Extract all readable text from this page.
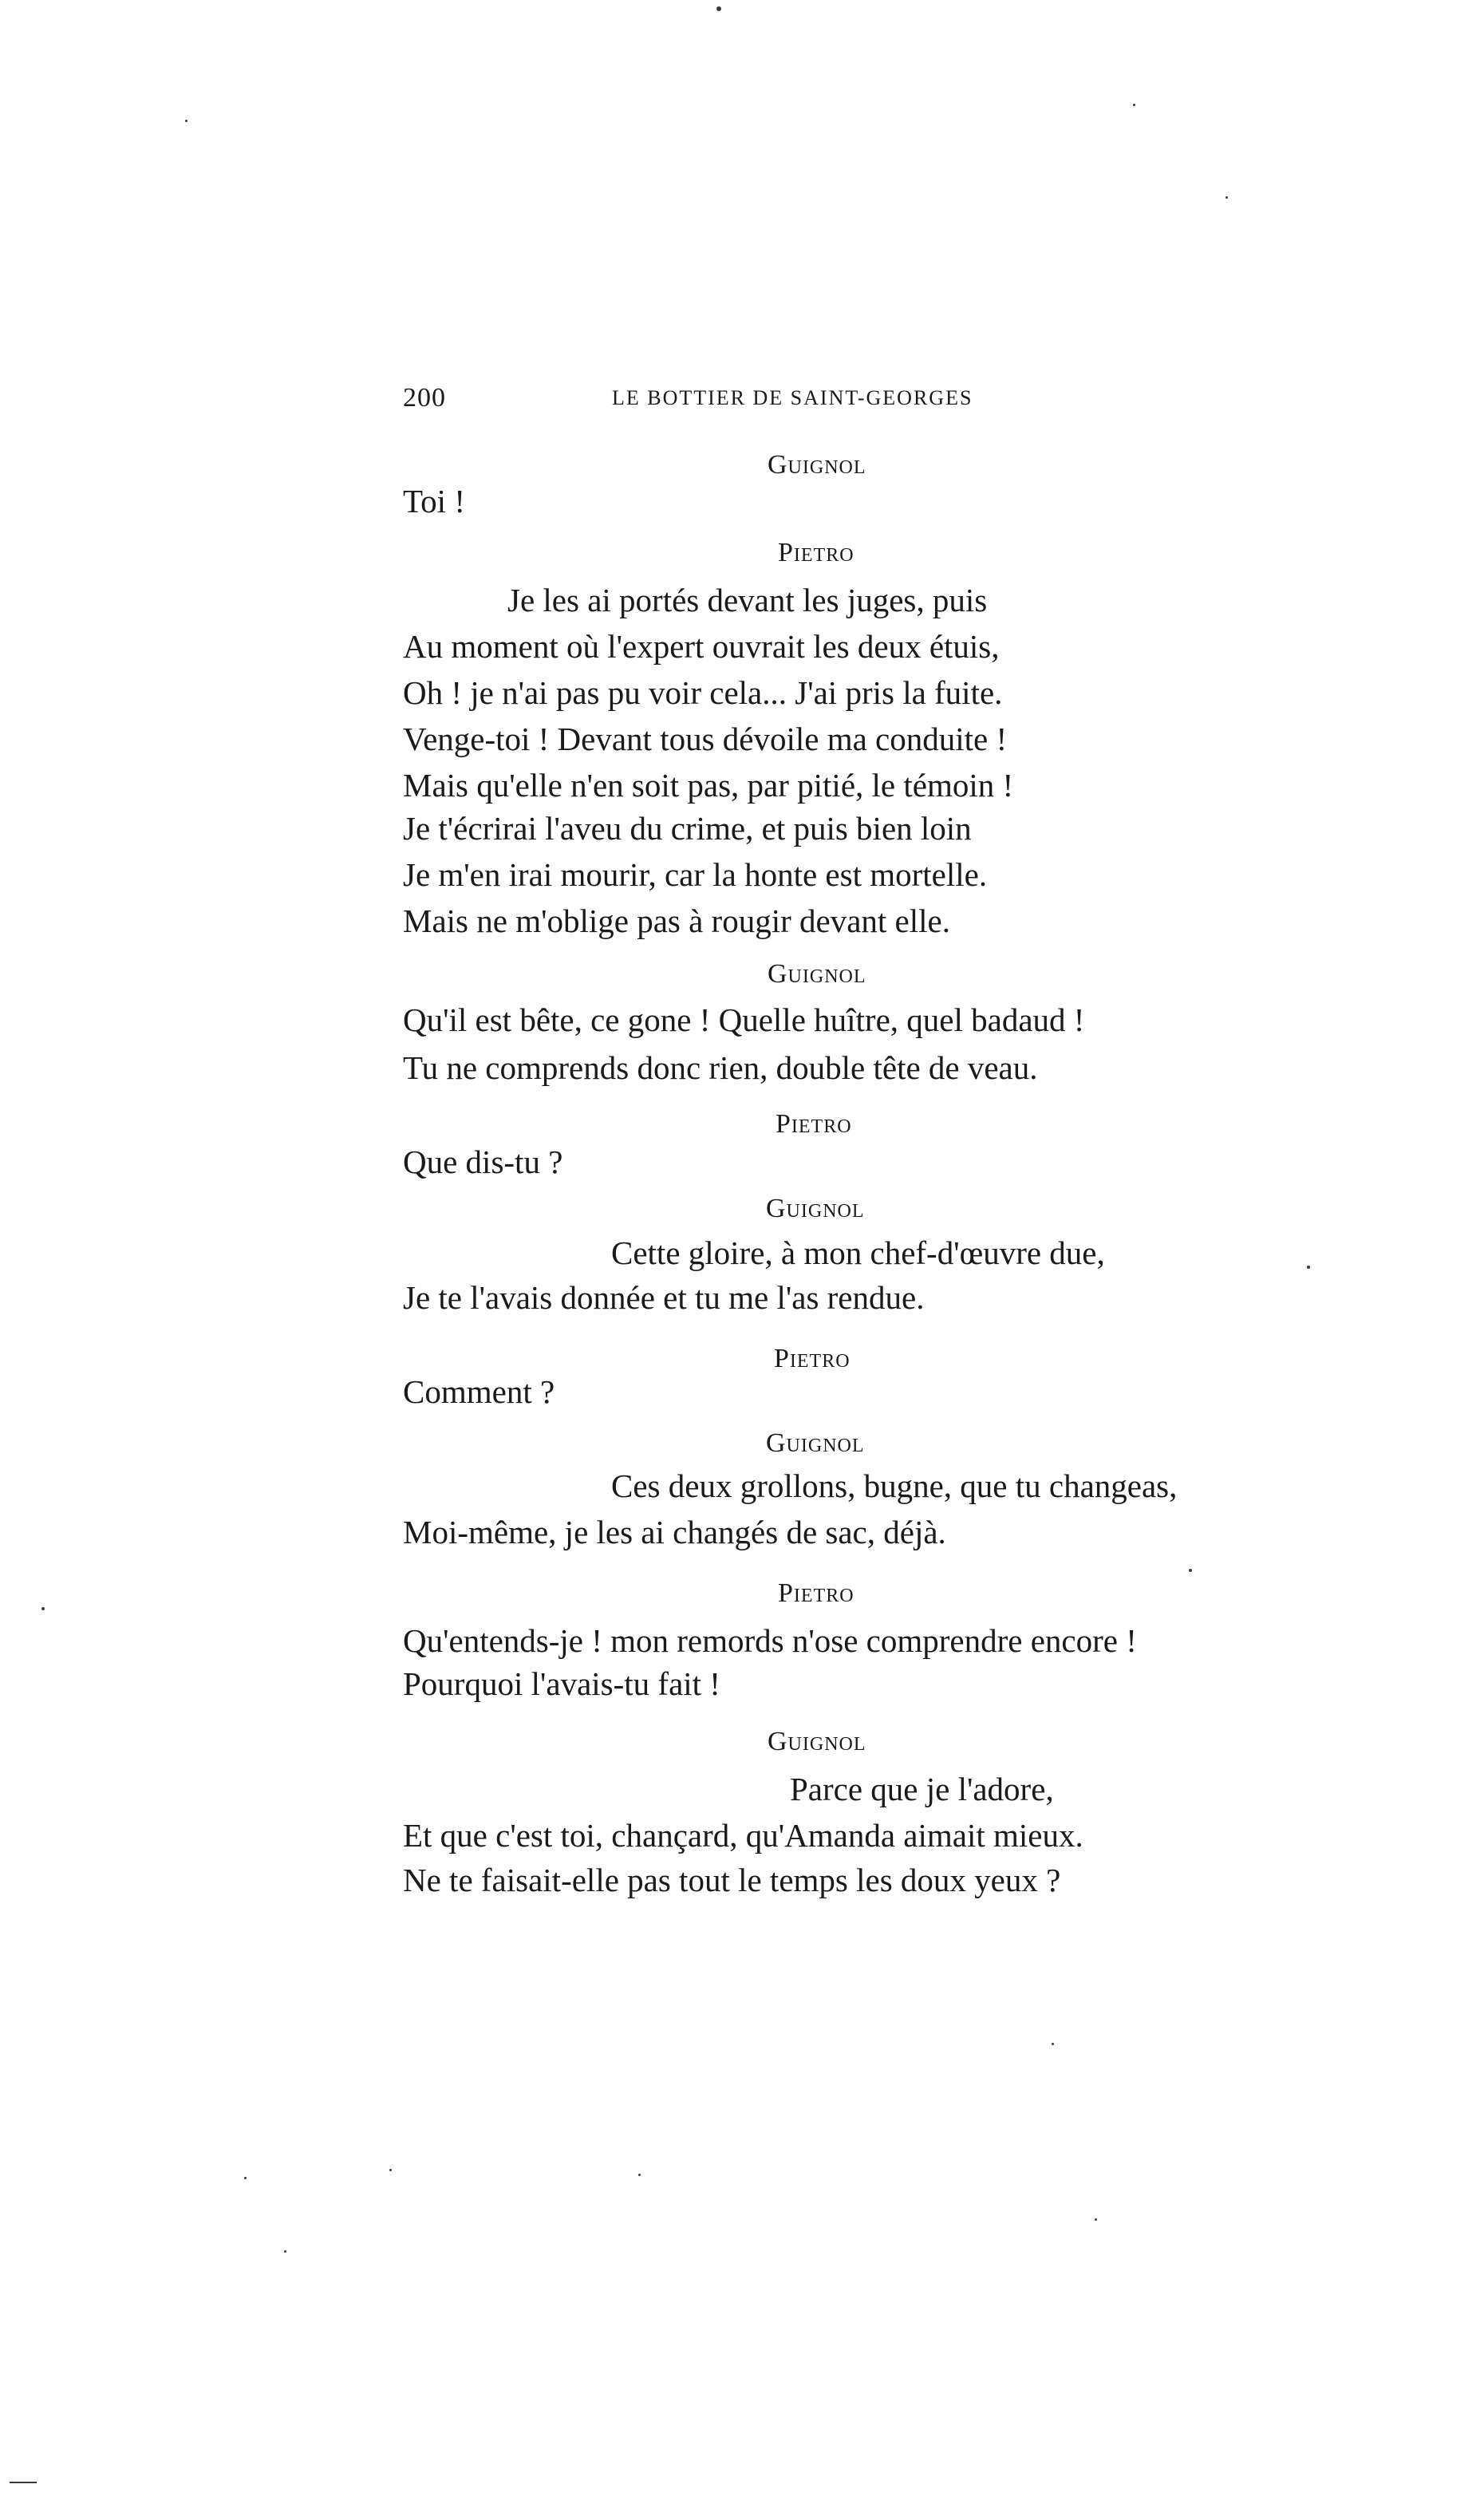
200	LE BOTTIER DE SAINT-GEORGES
Guignol
Toi !
Pietro
Je les ai portés devant les juges, puis
Au moment où l'expert ouvrait les deux étuis,
Oh ! je n'ai pas pu voir cela... J'ai pris la fuite.
Venge-toi ! Devant tous dévoile ma conduite !
Mais qu'elle n'en soit pas, par pitié, le témoin !
Je t'écrirai l'aveu du crime, et puis bien loin
Je m'en irai mourir, car la honte est mortelle.
Mais ne m'oblige pas à rougir devant elle.
Guignol
Qu'il est bête, ce gone ! Quelle huître, quel badaud !
Tu ne comprends donc rien, double tête de veau.
Pietro
Que dis-tu ?
Guignol
Cette gloire, à mon chef-d'œuvre due,
Je te l'avais donnée et tu me l'as rendue.
Pietro
Comment ?
Guignol
Ces deux grollons, bugne, que tu changeas,
Moi-même, je les ai changés de sac, déjà.
Pietro
Qu'entends-je ! mon remords n'ose comprendre encore !
Pourquoi l'avais-tu fait !
Guignol
Parce que je l'adore,
Et que c'est toi, chançard, qu'Amanda aimait mieux.
Ne te faisait-elle pas tout le temps les doux yeux ?
